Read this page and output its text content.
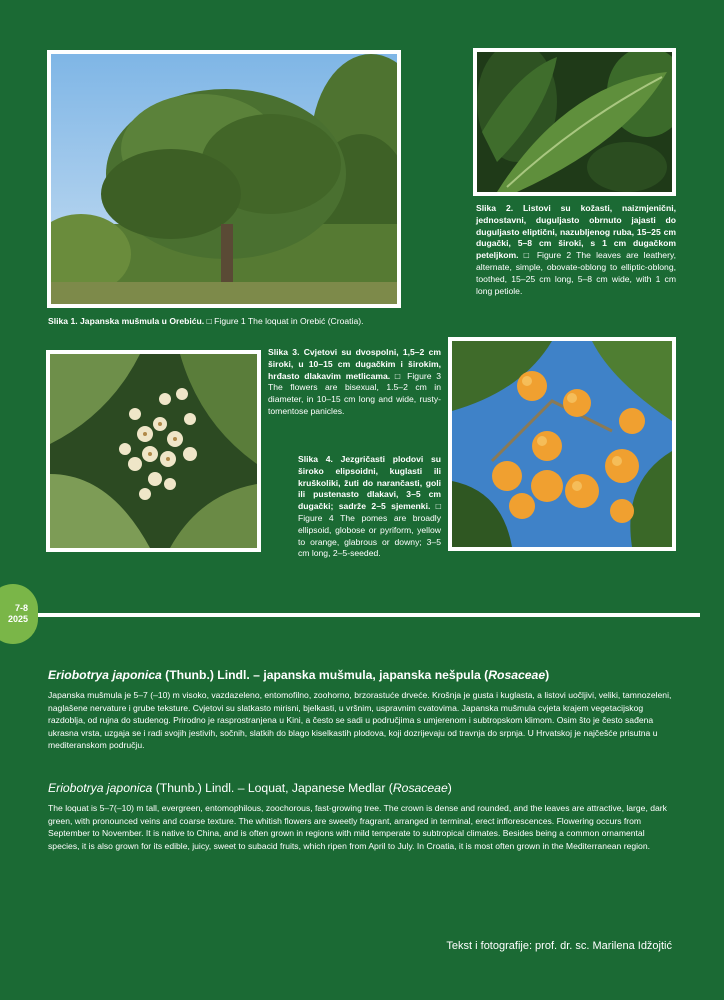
Slika 1. Japanska mušmula u Orebiću. □ Figure 1 The loquat in Orebić (Croatia).

Slika 2. Listovi su kožasti, naizmjenični, jednostavni, duguljasto obrnuto jajasti do duguljasto eliptični, nazubljenog ruba, 15–25 cm dugački, 5–8 cm široki, s 1 cm dugačkom peteljkom. □ Figure 2 The leaves are leathery, alternate, simple, obovate-oblong to elliptic-oblong, toothed, 15–25 cm long, 5–8 cm wide, with 1 cm long petiole.

Slika 3. Cvjetovi su dvospolni, 1,5–2 cm široki, u 10–15 cm dugačkim i širokim, hrđasto dlakavim metlicama. □ Figure 3 The flowers are bisexual, 1.5–2 cm in diameter, in 10–15 cm long and wide, rusty-tomentose panicles.

Slika 4. Jezgričasti plodovi su široko elipsoidni, kuglasti ili kruškoliki, žuti do narančasti, goli ili pustenasto dlakavi, 3–5 cm dugački; sadrže 2–5 sjemenki. □ Figure 4 The pomes are broadly ellipsoid, globose or pyriform, yellow to orange, glabrous or downy; 3–5 cm long, 2–5-seeded.

7-8
2025
Eriobotrya japonica (Thunb.) Lindl. – japanska mušmula, japanska nešpula (Rosaceae)

Japanska mušmula je 5–7 (–10) m visoko, vazdazeleno, entomofilno, zoohorno, brzorastuće drveće. Krošnja je gusta i kuglasta, a listovi uočljivi, veliki, tamnozeleni, naglašene nervature i grube teksture. Cvjetovi su slatkasto mirisni, bjelkasti, u vršnim, uspravnim cvatovima. Japanska mušmula cvjeta krajem vegetacijskog razdoblja, od rujna do studenog. Prirodno je rasprostranjena u Kini, a često se sadi u područjima s umjerenom i subtropskom klimom. Osim što je često sađena ukrasna vrsta, uzgaja se i radi svojih jestivih, sočnih, slatkih do blago kiselkastih plodova, koji dozrijevaju od travnja do srpnja. U Hrvatskoj je najčešće prisutna u mediteranskom području.

Eriobotrya japonica (Thunb.) Lindl. – Loquat, Japanese Medlar (Rosaceae)

The loquat is 5–7(–10) m tall, evergreen, entomophilous, zoochorous, fast-growing tree. The crown is dense and rounded, and the leaves are attractive, large, dark green, with pronounced veins and coarse texture. The whitish flowers are sweetly fragrant, arranged in terminal, erect inflorescences. Flowering occurs from September to November. It is native to China, and is often grown in regions with mild temperate to subtropical climates. Besides being a common ornamental species, it is also grown for its edible, juicy, sweet to subacid fruits, which ripen from April to July. In Croatia, it is most often grown in the Mediterranean region.

Tekst i fotografije: prof. dr. sc. Marilena Idžojtić
